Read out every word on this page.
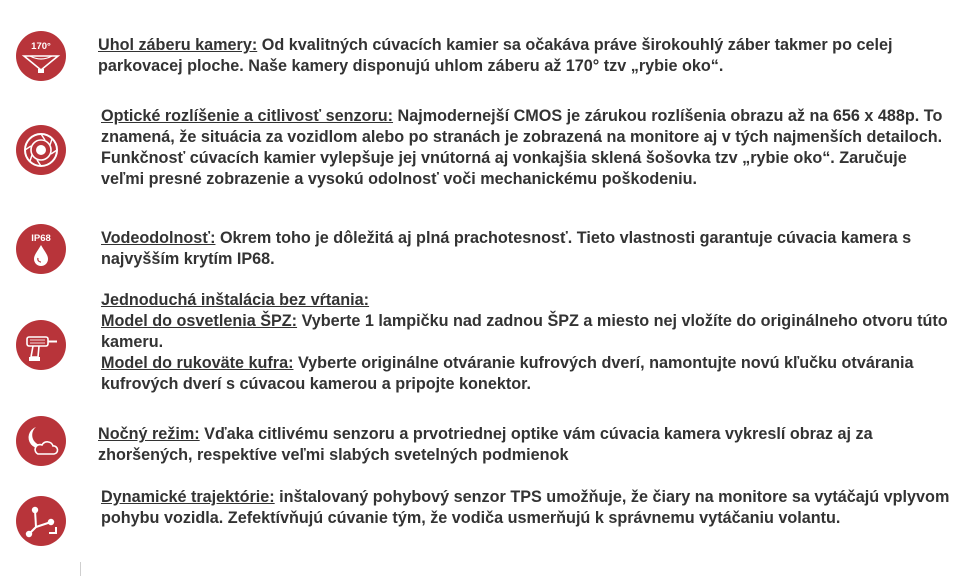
170°	Uhol záberu kamery: Od kvalitných cúvacích kamier sa očakáva práve širokouhlý záber takmer po celej parkovacej ploche. Naše kamery disponujú uhlom záberu až 170° tzv „rybie oko“.

Optické rozlíšenie a citlivosť senzoru: Najmodernejší CMOS je zárukou rozlíšenia obrazu až na 656 x 488p. To znamená, že situácia za vozidlom alebo po stranách je zobrazená na monitore aj v tých najmenších detailoch. Funkčnosť cúvacích kamier vylepšuje jej vnútorná aj vonkajšia sklená šošovka tzv „rybie oko“. Zaručuje veľmi presné zobrazenie a vysokú odolnosť voči mechanickému poškodeniu.

IP68	Vodeodolnosť: Okrem toho je dôležitá aj plná prachotesnosť. Tieto vlastnosti garantuje cúvacia kamera s najvyšším krytím IP68.

Jednoduchá inštalácia bez vŕtania:

Model do osvetlenia ŠPZ: Vyberte 1 lampičku nad zadnou ŠPZ a miesto nej vložíte do originálneho otvoru túto kameru.

Model do rukoväte kufra: Vyberte originálne otváranie kufrových dverí, namontujte novú kľučku otvárania kufrových dverí s cúvacou kamerou a pripojte konektor.

Nočný režim: Vďaka citlivému senzoru a prvotriednej optike vám cúvacia kamera vykreslí obraz aj za zhoršených, respektíve veľmi slabých svetelných podmienok

Dynamické trajektórie: inštalovaný pohybový senzor TPS umožňuje, že čiary na monitore sa vytáčajú vplyvom pohybu vozidla. Zefektívňujú cúvanie tým, že vodiča usmerňujú k správnemu vytáčaniu volantu.
